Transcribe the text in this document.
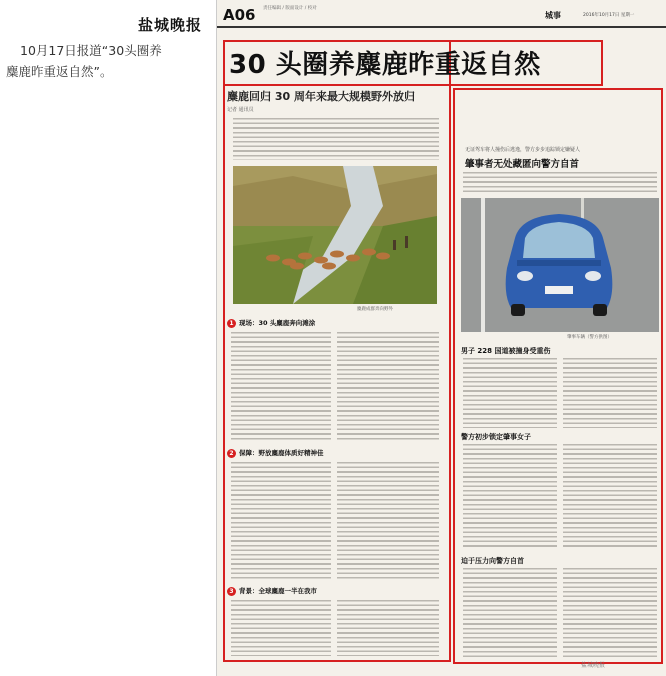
盐城晚报
10月17日报道“30头圈养
麋鹿昨重返自然”。
A06 责任编辑 / 版面设计 / 校对
城事	2016年10月17日 星期一
30 头圈养麋鹿昨重返自然
麋鹿回归 30 周年来最大规模野外放归
记者 通讯员
麋鹿成群奔向野外
1 现场：30 头麋鹿奔向滩涂
2 保障：野放麋鹿体质好精神佳
3 背景：全球麋鹿一半在我市
无证驾车将人撞伤后逃逸，警方步步追踪锁定嫌疑人
肇事者无处藏匿向警方自首
肇事车辆（警方供图）
男子 228 国道被撞身受重伤
警方初步锁定肇事女子
迫于压力向警方自首
盐城晚报
